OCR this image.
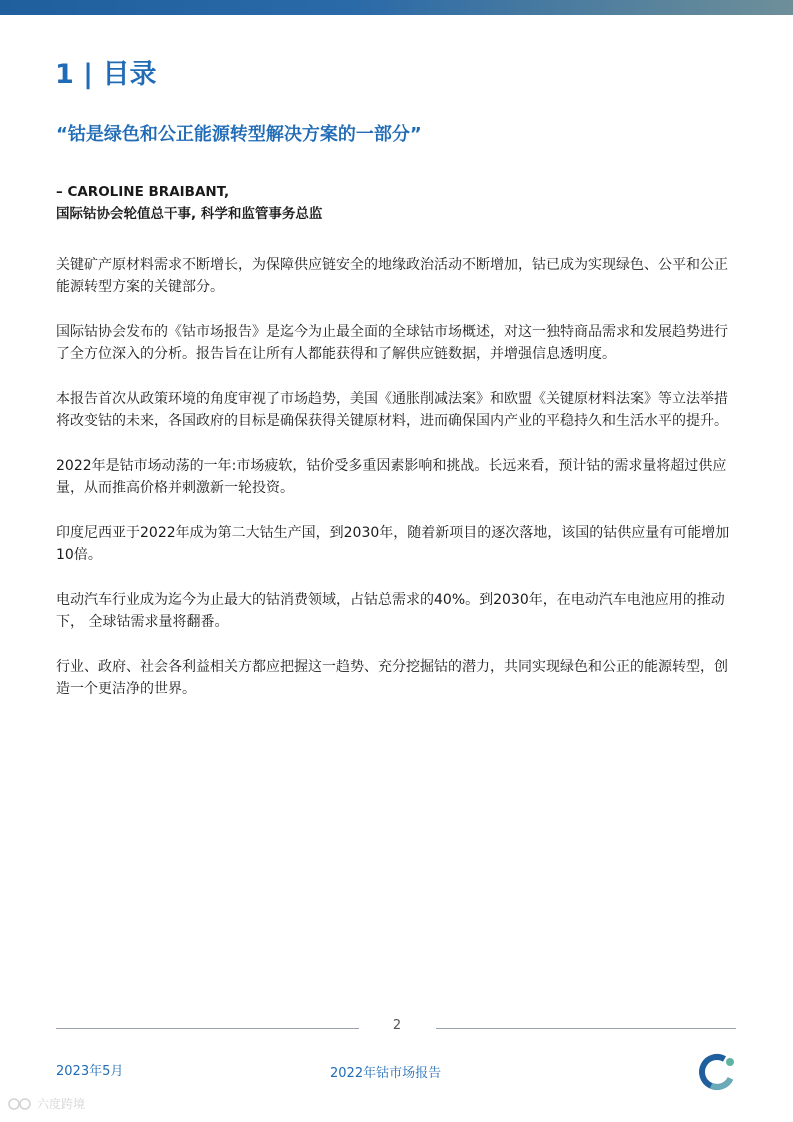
1 | 目录
“钴是绿色和公正能源转型解决方案的一部分”
– CAROLINE BRAIBANT,
国际钴协会轮值总干事, 科学和监管事务总监

关键矿产原材料需求不断增长，为保障供应链安全的地缘政治活动不断增加，钴已成为实现绿色、公平和公正 能源转型方案的关键部分。

国际钴协会发布的《钴市场报告》是迄今为止最全面的全球钴市场概述，对这一独特商品需求和发展趋势进行　了全方位深入的分析。报告旨在让所有人都能获得和了解供应链数据，并增强信息透明度。

本报告首次从政策环境的角度审视了市场趋势，美国《通胀削减法案》和欧盟《关键原材料法案》等立法举措　将改变钴的未来，各国政府的目标是确保获得关键原材料，进而确保国内产业的平稳持久和生活水平的提升。

2022年是钴市场动荡的一年:市场疲软，钴价受多重因素影响和挑战。长远来看，预计钴的需求量将超过供应 量，从而推高价格并刺激新一轮投资。

印度尼西亚于2022年成为第二大钴生产国，到2030年，随着新项目的逐次落地，该国的钴供应量有可能增加 10倍。

电动汽车行业成为迄今为止最大的钴消费领域，占钴总需求的40%。到2030年，在电动汽车电池应用的推动下， 全球钴需求量将翻番。

行业、政府、社会各利益相关方都应把握这一趋势、充分挖掘钴的潜力，共同实现绿色和公正的能源转型，创造一个更洁净的世界。

2
2023年5月	2022年钴市场报告
六度跨境
